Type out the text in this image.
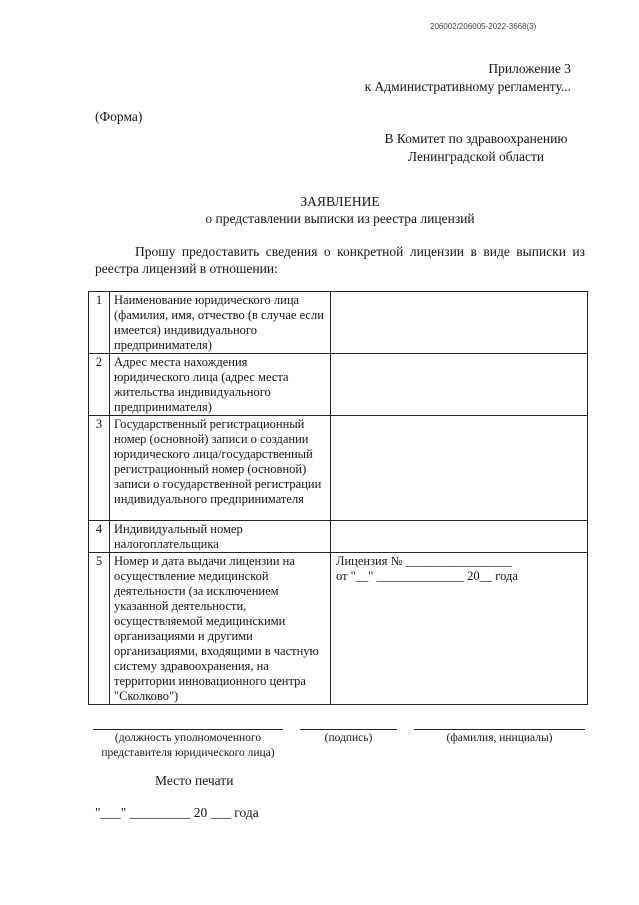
206002/206005-2022-3668(3)
Приложение 3
к Административному регламенту...
(Форма)
В Комитет по здравоохранению
Ленинградской области
ЗАЯВЛЕНИЕ
о представлении выписки из реестра лицензий
Прошу предоставить сведения о конкретной лицензии в виде выписки из реестра лицензий в отношении:
1	Наименование юридического лица (фамилия, имя, отчество (в случае если имеется) индивидуального предпринимателя)	
2	Адрес места нахождения юридического лица (адрес места жительства индивидуального предпринимателя)	
3	Государственный регистрационный номер (основной) записи о создании юридического лица/государственный регистрационный номер (основной) записи о государственной регистрации индивидуального предпринимателя	
4	Индивидуальный номер налогоплательщика	
5	Номер и дата выдачи лицензии на осуществление медицинской деятельности (за исключением указанной деятельности, осуществляемой медицинскими организациями и другими организациями, входящими в частную систему здравоохранения, на территории инновационного центра "Сколково")	Лицензия № _________________
от "__" ______________ 20__ года
(должность уполномоченного представителя юридического лица)
(подпись)	(фамилия, инициалы)
Место печати
"___" _________ 20 ___ года
